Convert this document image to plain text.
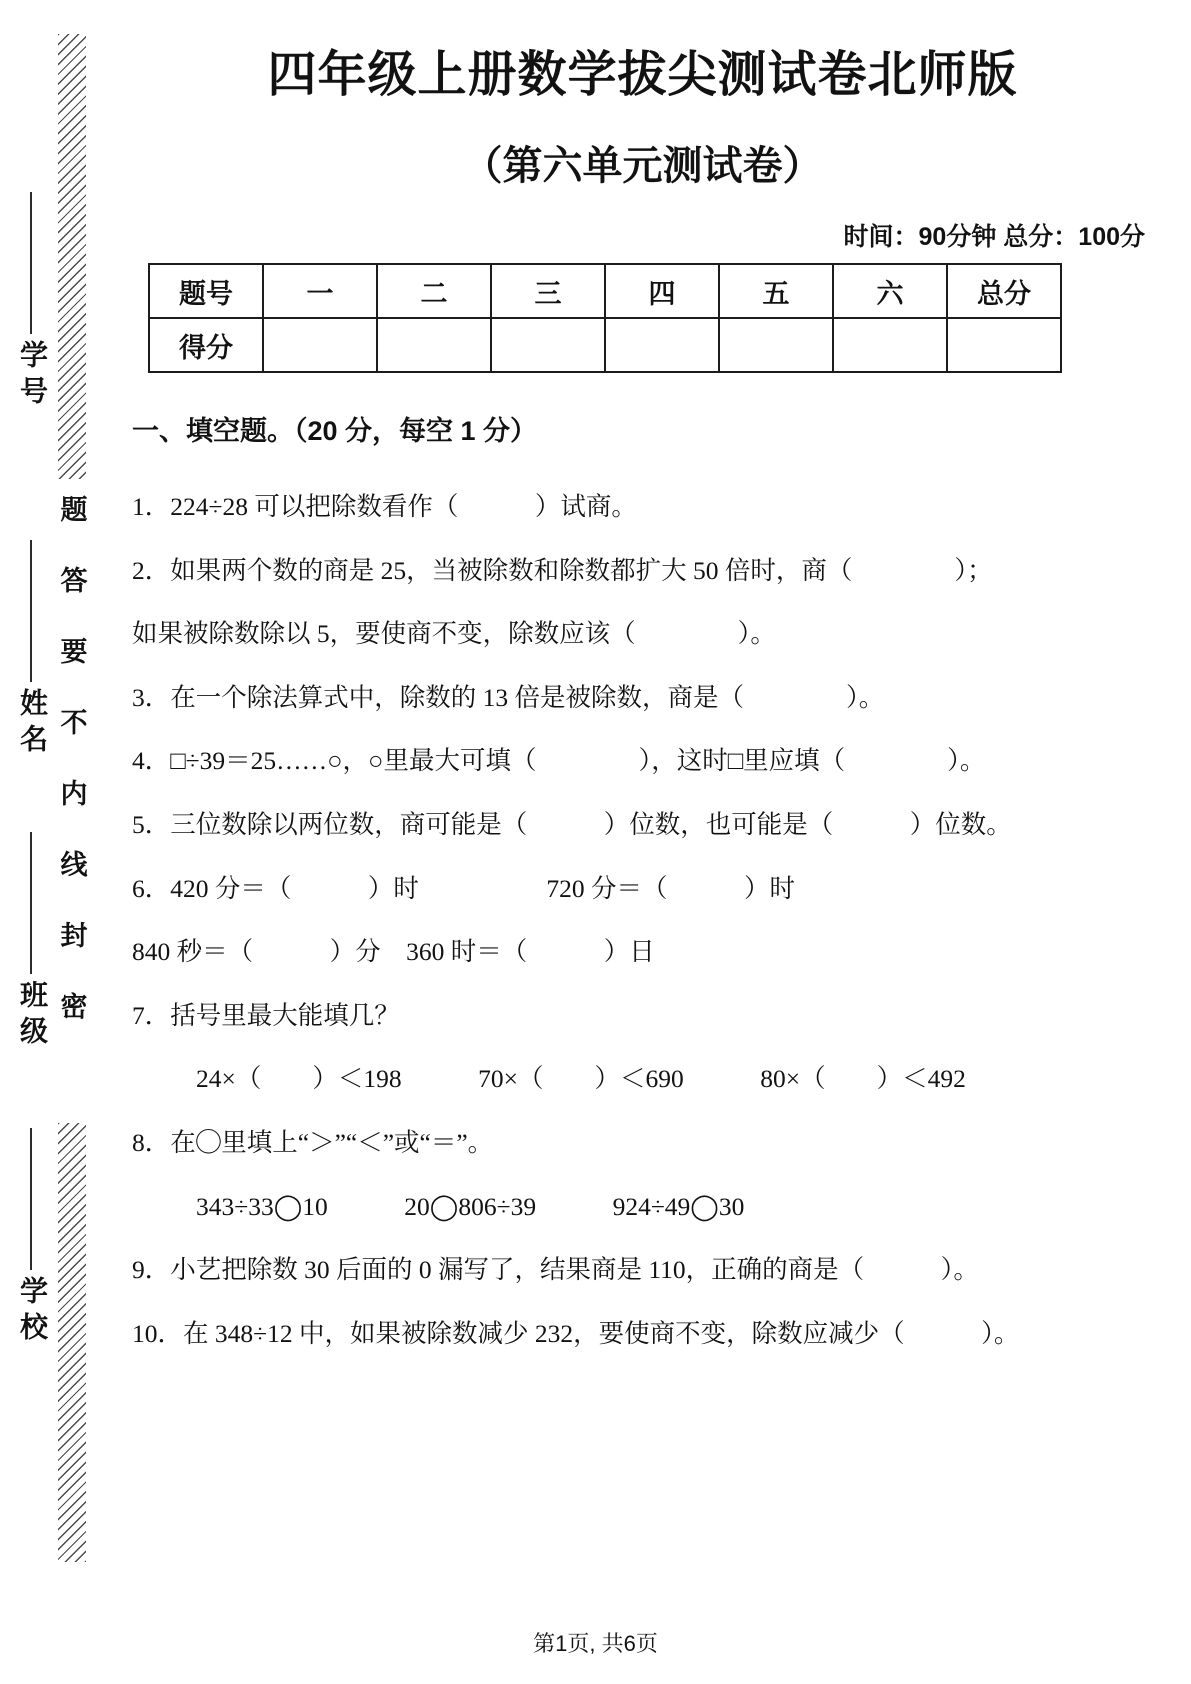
学号
姓名
班级
学校
题答要不内线封密
四年级上册数学拔尖测试卷北师版
（第六单元测试卷）
时间：90分钟 总分：100分
题号	一	二	三	四	五	六	总分
得分							
一、填空题。（20 分，每空 1 分）
1．224÷28 可以把除数看作（　　　）试商。
2．如果两个数的商是 25，当被除数和除数都扩大 50 倍时，商（　　　　）；
如果被除数除以 5，要使商不变，除数应该（　　　　）。
3．在一个除法算式中，除数的 13 倍是被除数，商是（　　　　）。
4．□÷39＝25……○，○里最大可填（　　　　），这时□里应填（　　　　）。
5．三位数除以两位数，商可能是（　　　）位数，也可能是（　　　）位数。
6．420 分＝（　　　）时　　　　　720 分＝（　　　）时
840 秒＝（　　　）分　360 时＝（　　　）日
7．括号里最大能填几？
24×（　　）＜198　　　70×（　　）＜690　　　80×（　　）＜492
8．在◯里填上“＞”“＜”或“＝”。
343÷33◯10　　　20◯806÷39　　　924÷49◯30
9．小艺把除数 30 后面的 0 漏写了，结果商是 110，正确的商是（　　　）。
10．在 348÷12 中，如果被除数减少 232，要使商不变，除数应减少（　　　）。
第1页, 共6页
